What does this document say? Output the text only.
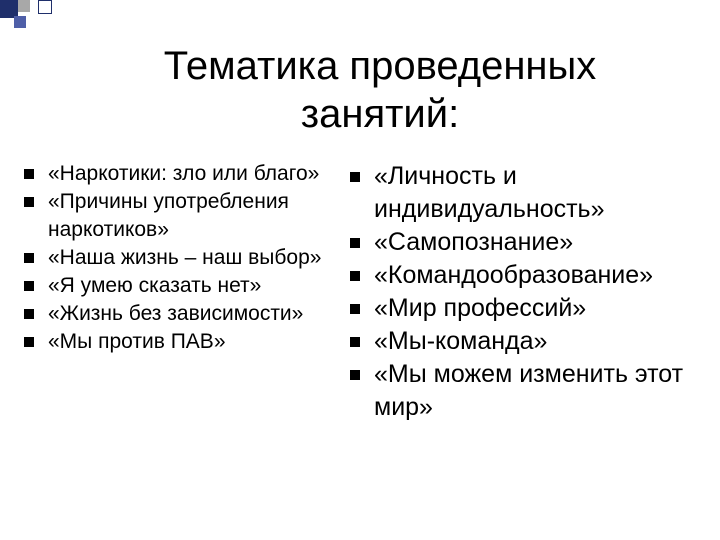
Тематика проведенных
занятий:
«Наркотики: зло или благо»
«Причины употребления наркотиков»
«Наша жизнь – наш выбор»
«Я умею сказать нет»
«Жизнь без зависимости»
«Мы против ПАВ»
«Личность и индивидуальность»
«Самопознание»
«Командообразование»
«Мир профессий»
«Мы-команда»
«Мы можем изменить этот мир»
